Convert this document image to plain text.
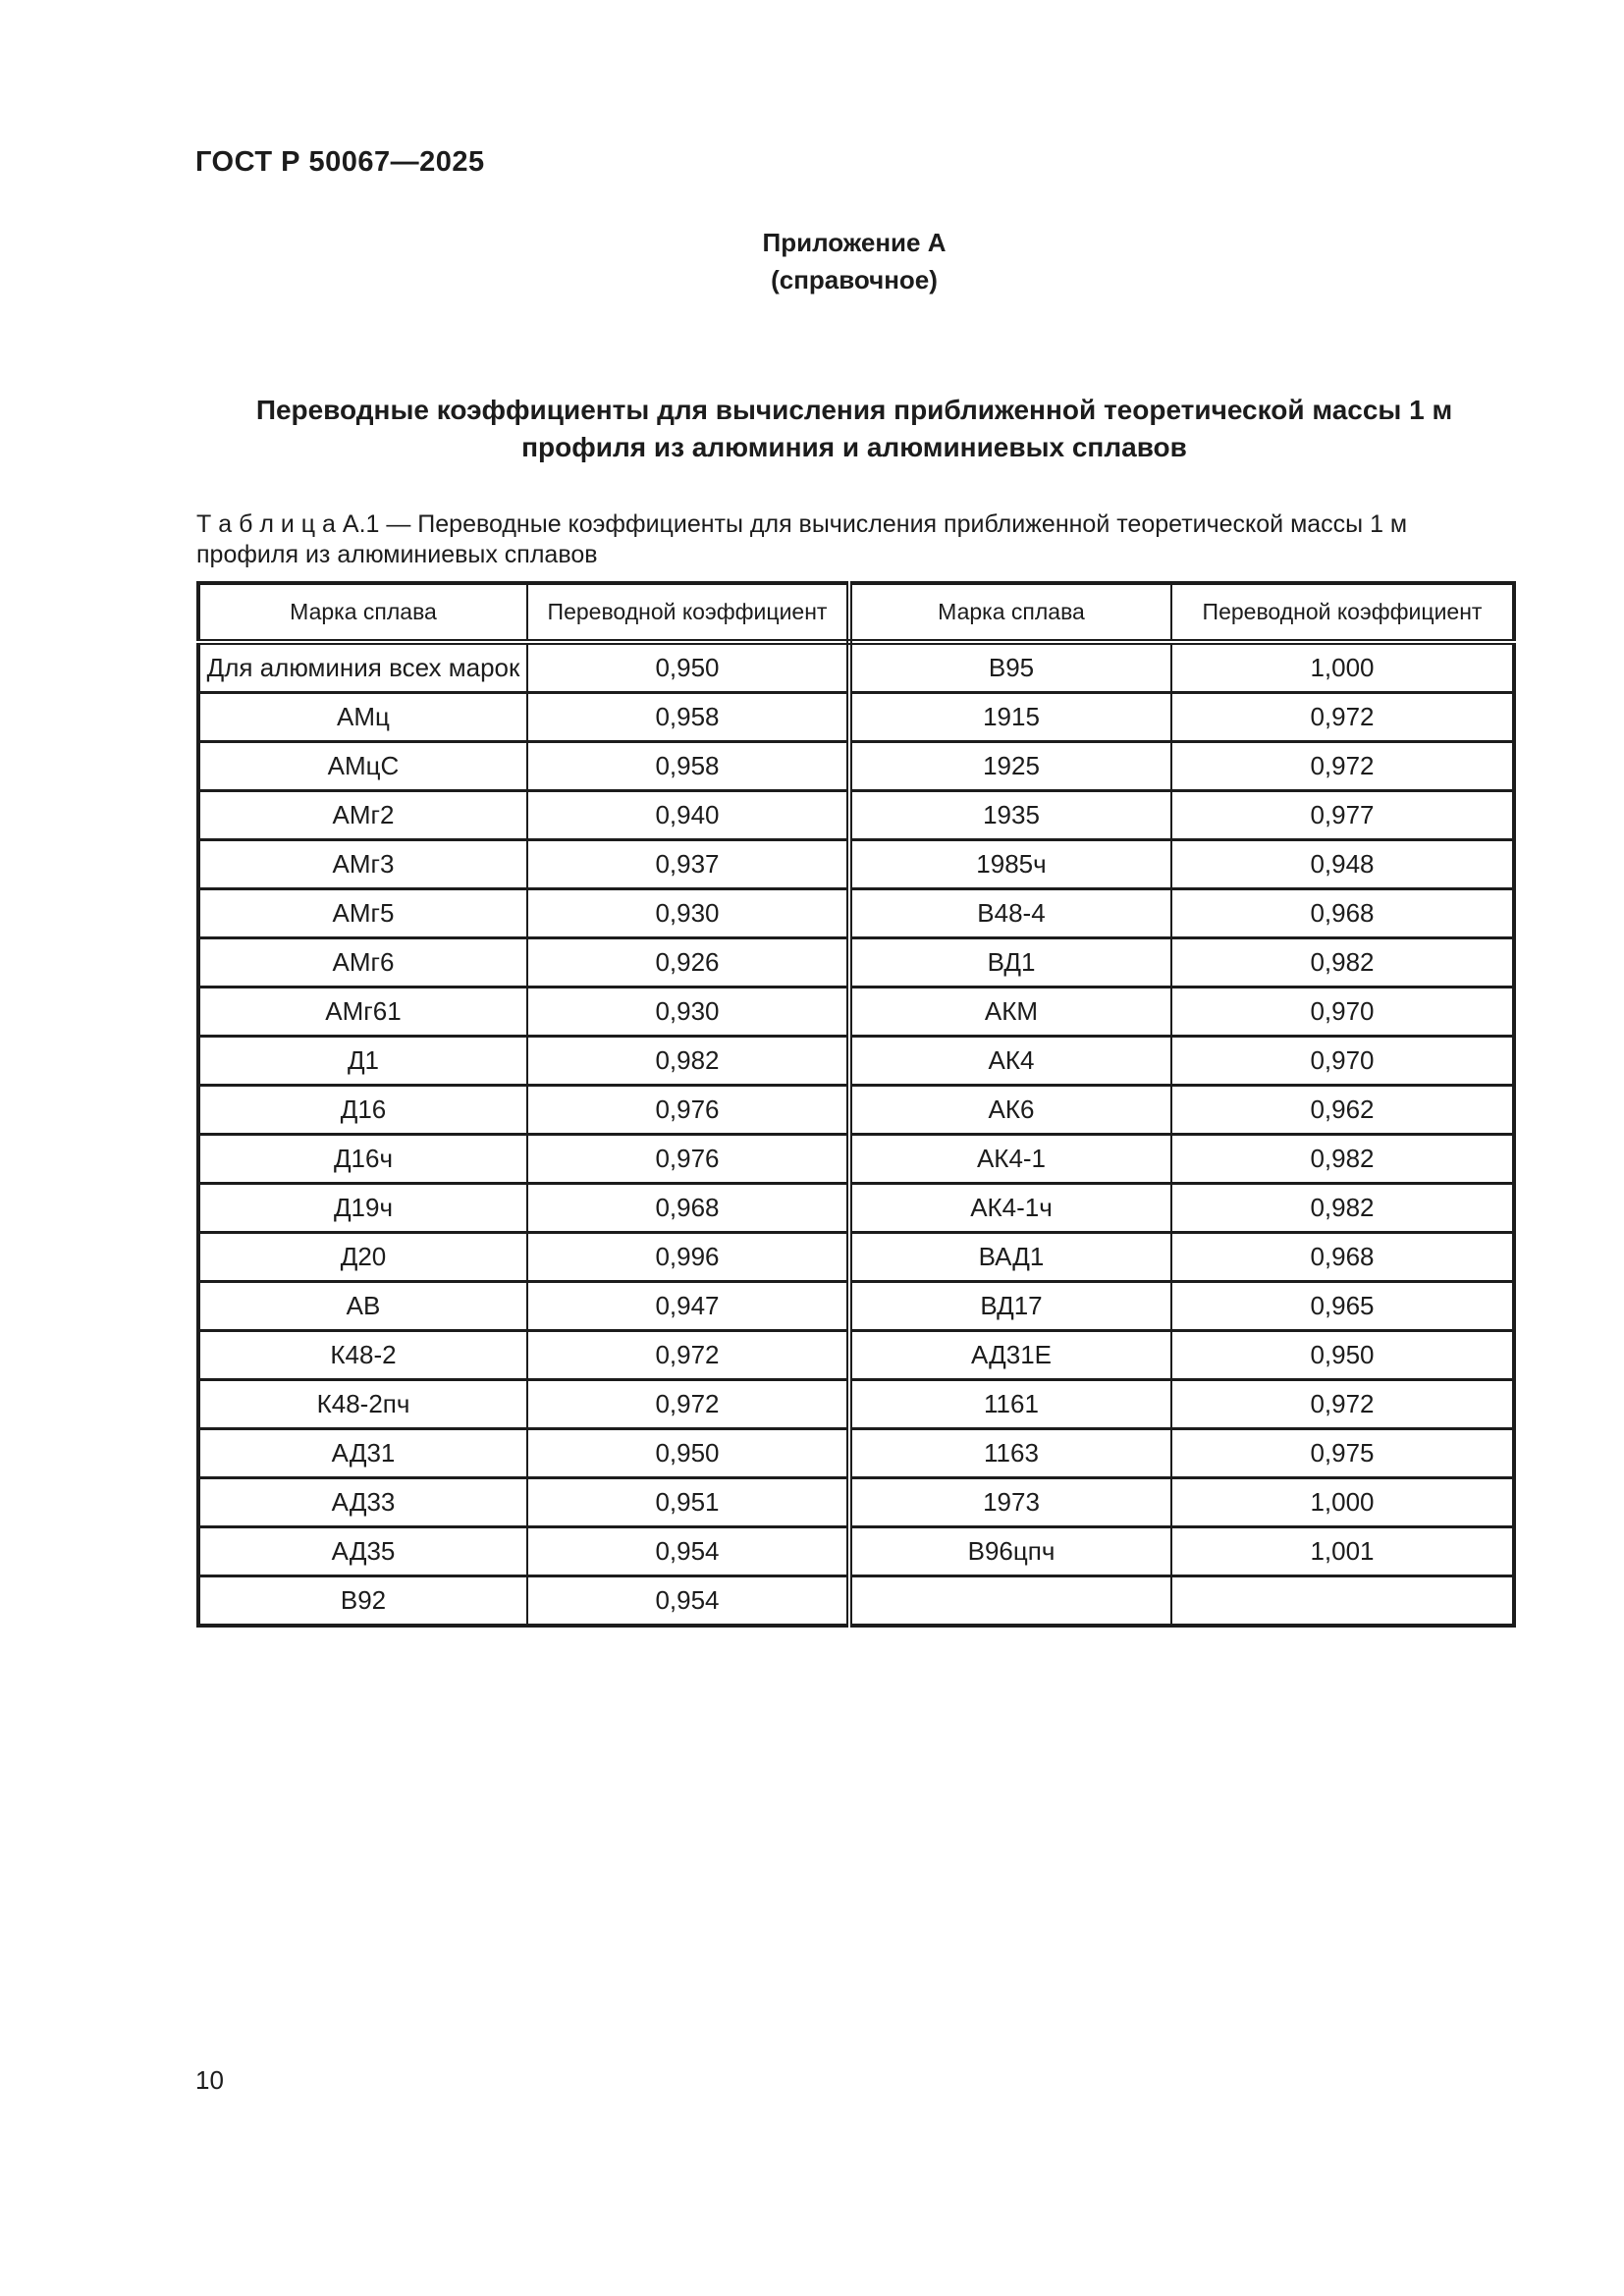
ГОСТ Р 50067—2025
Приложение А
(справочное)
Переводные коэффициенты для вычисления приближенной теоретической массы 1 м
профиля из алюминия и алюминиевых сплавов

Т а б л и ц а А.1 — Переводные коэффициенты для вычисления приближенной теоретической массы 1 м профиля из алюминиевых сплавов

Марка сплава	Переводной коэффициент	Марка сплава	Переводной коэффициент
Для алюминия всех марок	0,950	В95	1,000
АМц	0,958	1915	0,972
АМцС	0,958	1925	0,972
АМг2	0,940	1935	0,977
АМг3	0,937	1985ч	0,948
АМг5	0,930	В48-4	0,968
АМг6	0,926	ВД1	0,982
АМг61	0,930	АКМ	0,970
Д1	0,982	АК4	0,970
Д16	0,976	АК6	0,962
Д16ч	0,976	АК4-1	0,982
Д19ч	0,968	АК4-1ч	0,982
Д20	0,996	ВАД1	0,968
АВ	0,947	ВД17	0,965
К48-2	0,972	АД31Е	0,950
К48-2пч	0,972	1161	0,972
АД31	0,950	1163	0,975
АД33	0,951	1973	1,000
АД35	0,954	В96цпч	1,001
В92	0,954		
10
